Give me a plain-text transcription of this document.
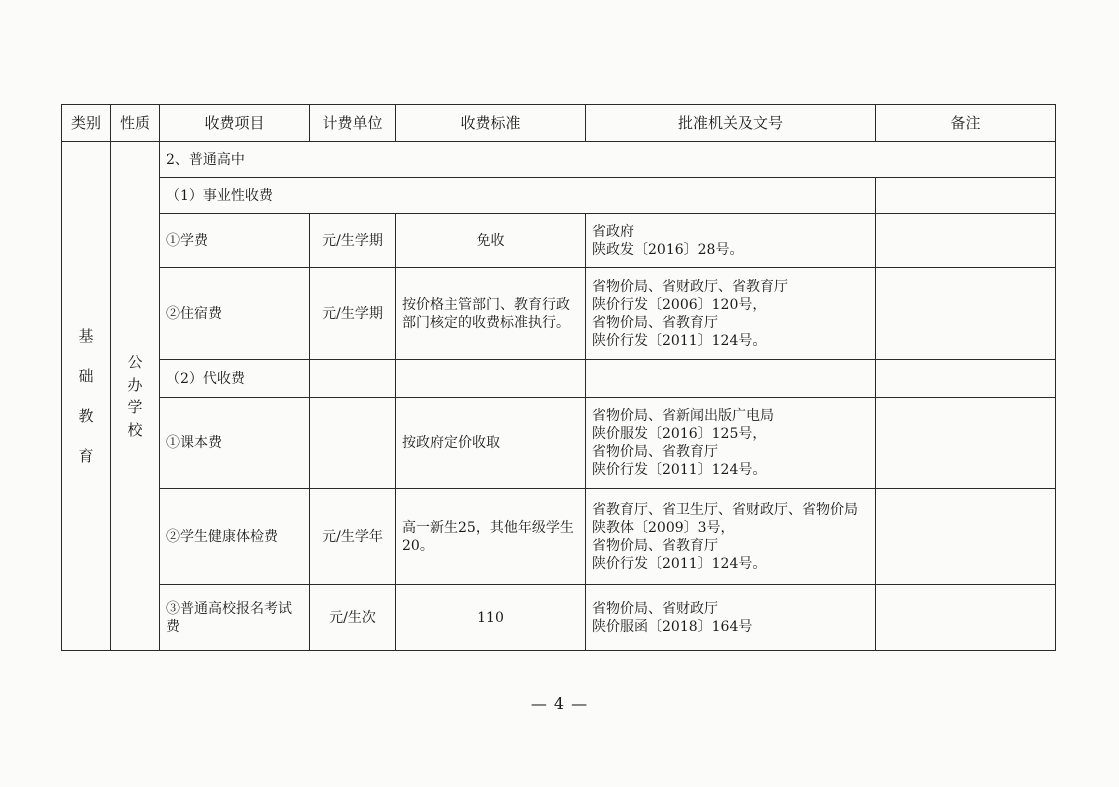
类别	性质	收费项目	计费单位	收费标准	批准机关及文号	备注

基础教育	公办学校	2、普通高中				
		（1）事业性收费				
		①学费	元/生学期	免收	省政府
陕政发〔2016〕28号。	
		②住宿费	元/生学期	按价格主管部门、教育行政部门核定的收费标准执行。	省物价局、省财政厅、省教育厅
陕价行发〔2006〕120号，
省物价局、省教育厅
陕价行发〔2011〕124号。	
		（2）代收费				
		①课本费		按政府定价收取	省物价局、省新闻出版广电局
陕价服发〔2016〕125号，
省物价局、省教育厅
陕价行发〔2011〕124号。	
		②学生健康体检费	元/生学年	高一新生25，其他年级学生20。	省教育厅、省卫生厅、省财政厅、省物价局
陕教体〔2009〕3号，
省物价局、省教育厅
陕价行发〔2011〕124号。	
		③普通高校报名考试费	元/生次	110	省物价局、省财政厅
陕价服函〔2018〕164号	
— 4 —
